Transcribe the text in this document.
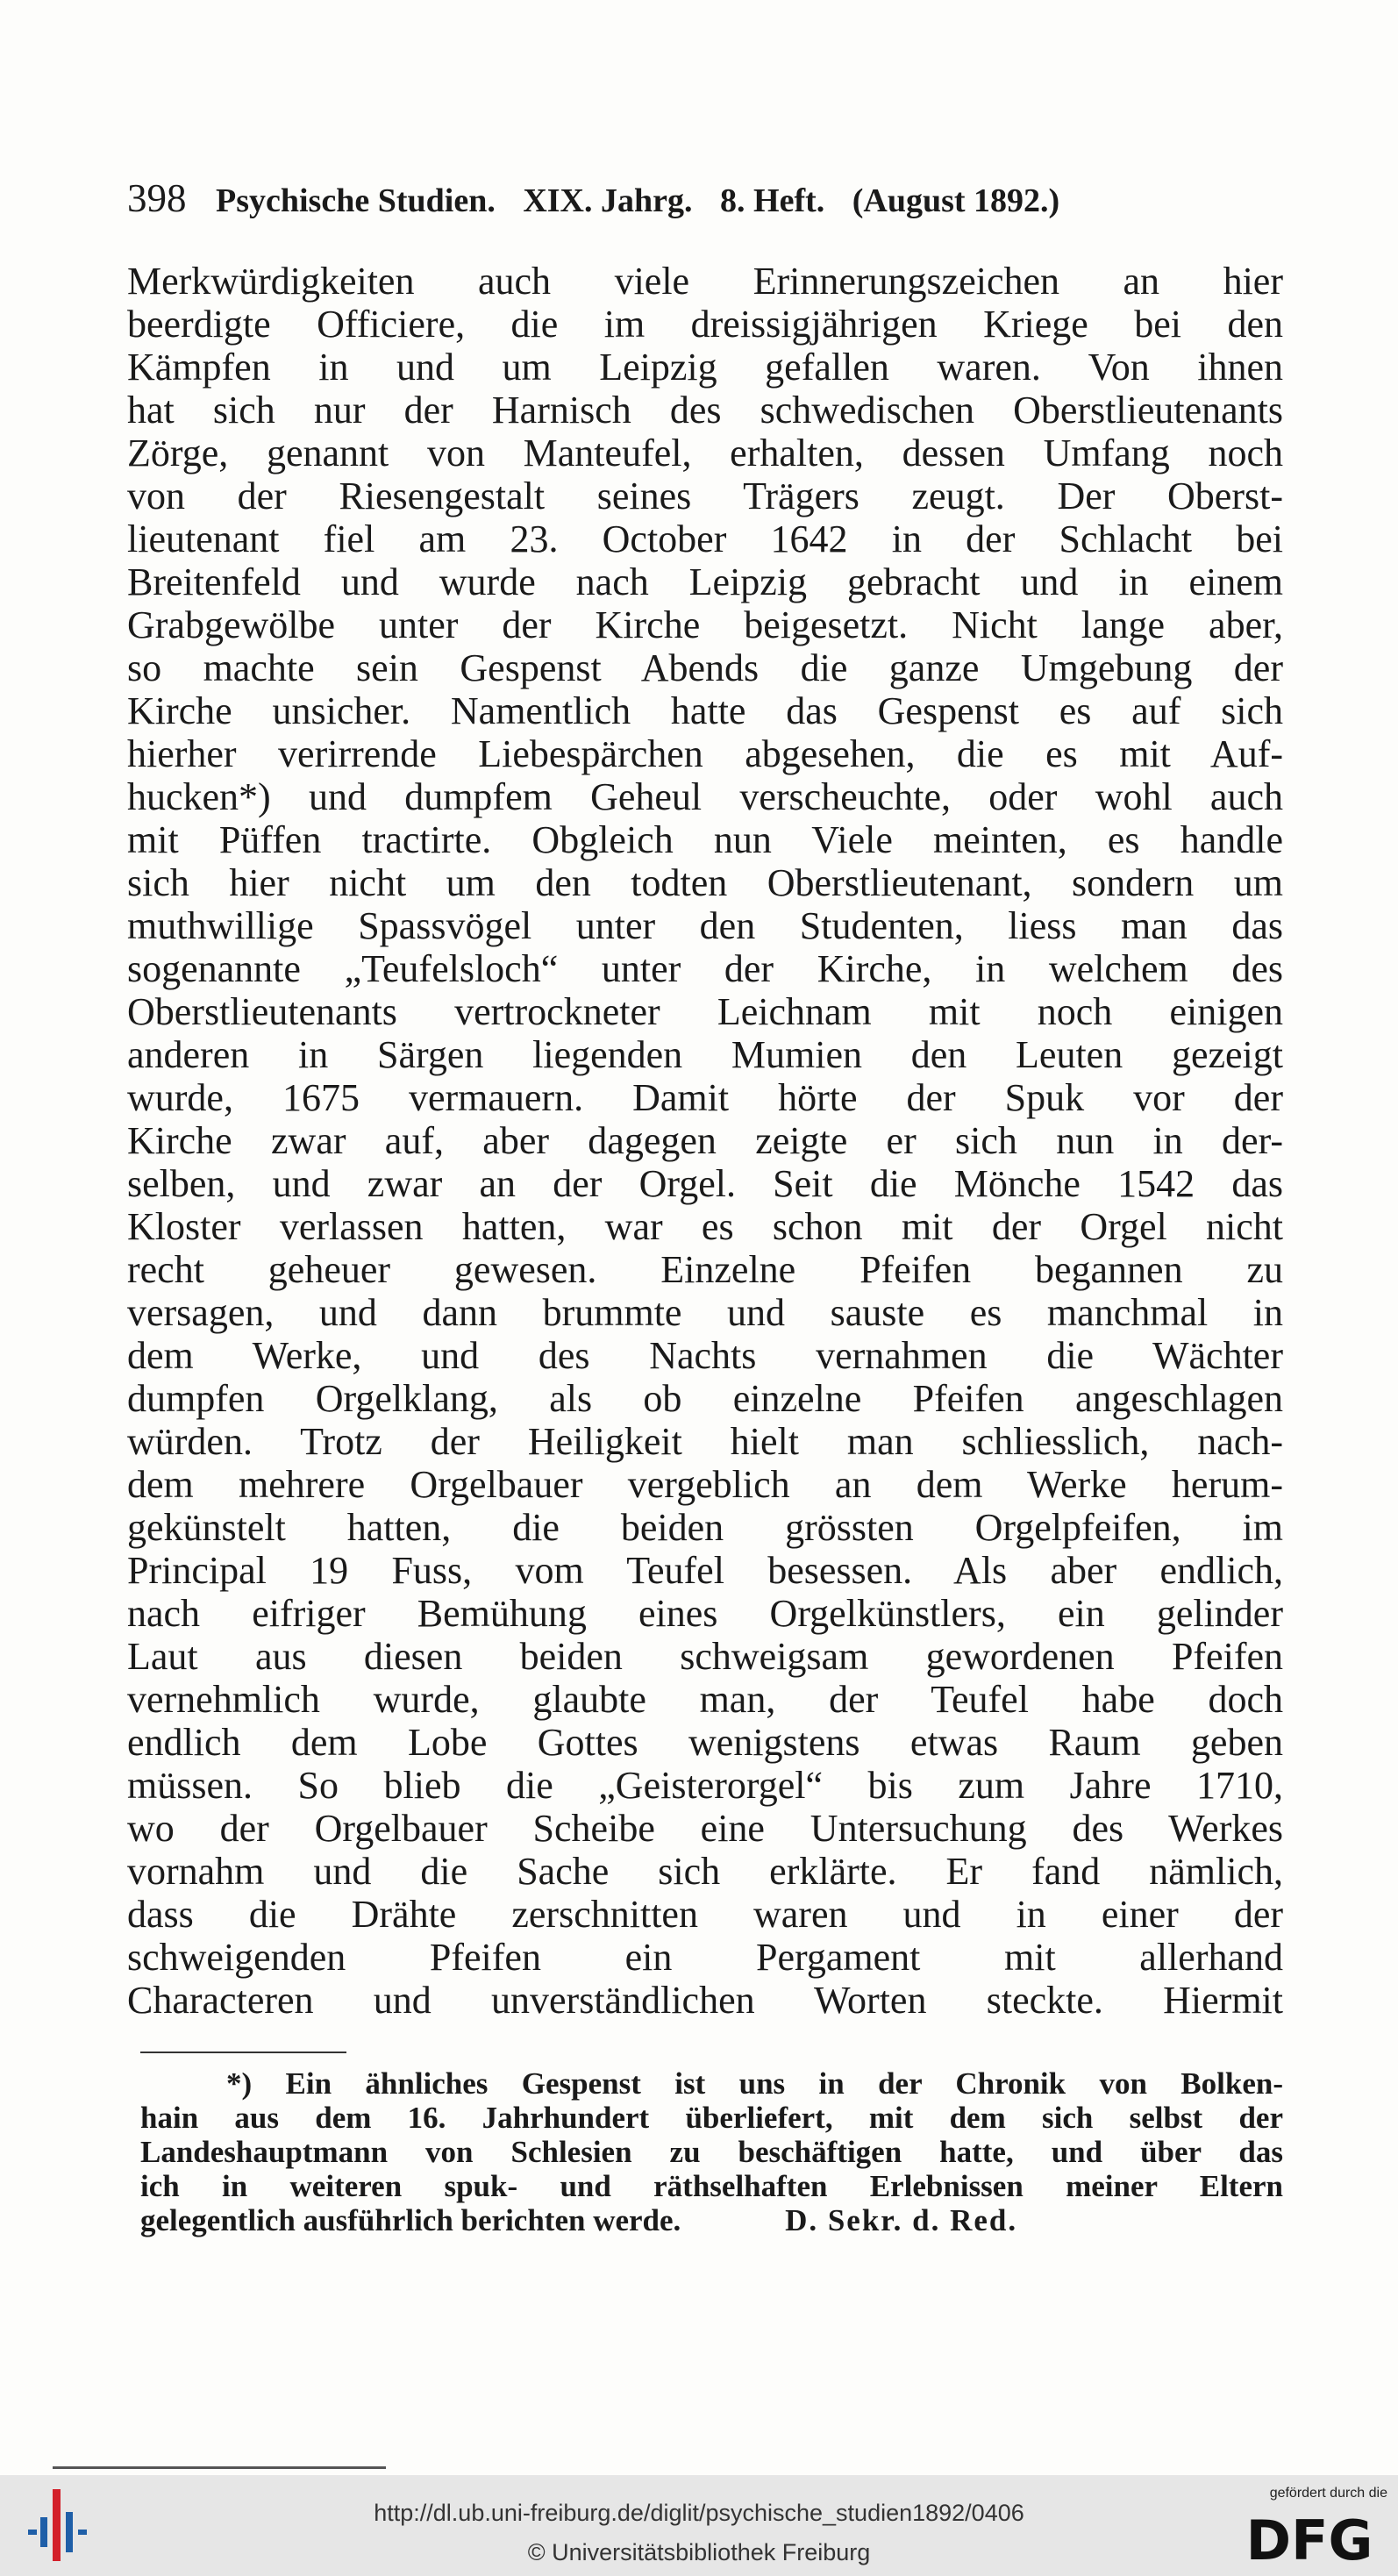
398 Psychische Studien. XIX. Jahrg. 8. Heft. (August 1892.)
Merkwürdigkeiten auch viele Erinnerungszeichen an hier
beerdigte Officiere, die im dreissigjährigen Kriege bei den
Kämpfen in und um Leipzig gefallen waren. Von ihnen
hat sich nur der Harnisch des schwedischen Oberstlieutenants
Zörge, genannt von Manteufel, erhalten, dessen Umfang noch
von der Riesengestalt seines Trägers zeugt. Der Oberst-
lieutenant fiel am 23. October 1642 in der Schlacht bei
Breitenfeld und wurde nach Leipzig gebracht und in einem
Grabgewölbe unter der Kirche beigesetzt. Nicht lange aber,
so machte sein Gespenst Abends die ganze Umgebung der
Kirche unsicher. Namentlich hatte das Gespenst es auf sich
hierher verirrende Liebespärchen abgesehen, die es mit Auf-
hucken*) und dumpfem Geheul verscheuchte, oder wohl auch
mit Püffen tractirte. Obgleich nun Viele meinten, es handle
sich hier nicht um den todten Oberstlieutenant, sondern um
muthwillige Spassvögel unter den Studenten, liess man das
sogenannte „Teufelsloch“ unter der Kirche, in welchem des
Oberstlieutenants vertrockneter Leichnam mit noch einigen
anderen in Särgen liegenden Mumien den Leuten gezeigt
wurde, 1675 vermauern. Damit hörte der Spuk vor der
Kirche zwar auf, aber dagegen zeigte er sich nun in der-
selben, und zwar an der Orgel. Seit die Mönche 1542 das
Kloster verlassen hatten, war es schon mit der Orgel nicht
recht geheuer gewesen. Einzelne Pfeifen begannen zu
versagen, und dann brummte und sauste es manchmal in
dem Werke, und des Nachts vernahmen die Wächter
dumpfen Orgelklang, als ob einzelne Pfeifen angeschlagen
würden. Trotz der Heiligkeit hielt man schliesslich, nach-
dem mehrere Orgelbauer vergeblich an dem Werke herum-
gekünstelt hatten, die beiden grössten Orgelpfeifen, im
Principal 19 Fuss, vom Teufel besessen. Als aber endlich,
nach eifriger Bemühung eines Orgelkünstlers, ein gelinder
Laut aus diesen beiden schweigsam gewordenen Pfeifen
vernehmlich wurde, glaubte man, der Teufel habe doch
endlich dem Lobe Gottes wenigstens etwas Raum geben
müssen. So blieb die „Geisterorgel“ bis zum Jahre 1710,
wo der Orgelbauer Scheibe eine Untersuchung des Werkes
vornahm und die Sache sich erklärte. Er fand nämlich,
dass die Drähte zerschnitten waren und in einer der
schweigenden Pfeifen ein Pergament mit allerhand
Characteren und unverständlichen Worten steckte. Hiermit
*) Ein ähnliches Gespenst ist uns in der Chronik von Bolken-
hain aus dem 16. Jahrhundert überliefert, mit dem sich selbst der
Landeshauptmann von Schlesien zu beschäftigen hatte, und über das
ich in weiteren spuk- und räthselhaften Erlebnissen meiner Eltern
gelegentlich ausführlich berichten werde.	D. Sekr. d. Red.
http://dl.ub.uni-freiburg.de/diglit/psychische_studien1892/0406
© Universitätsbibliothek Freiburg
gefördert durch die
DFG
